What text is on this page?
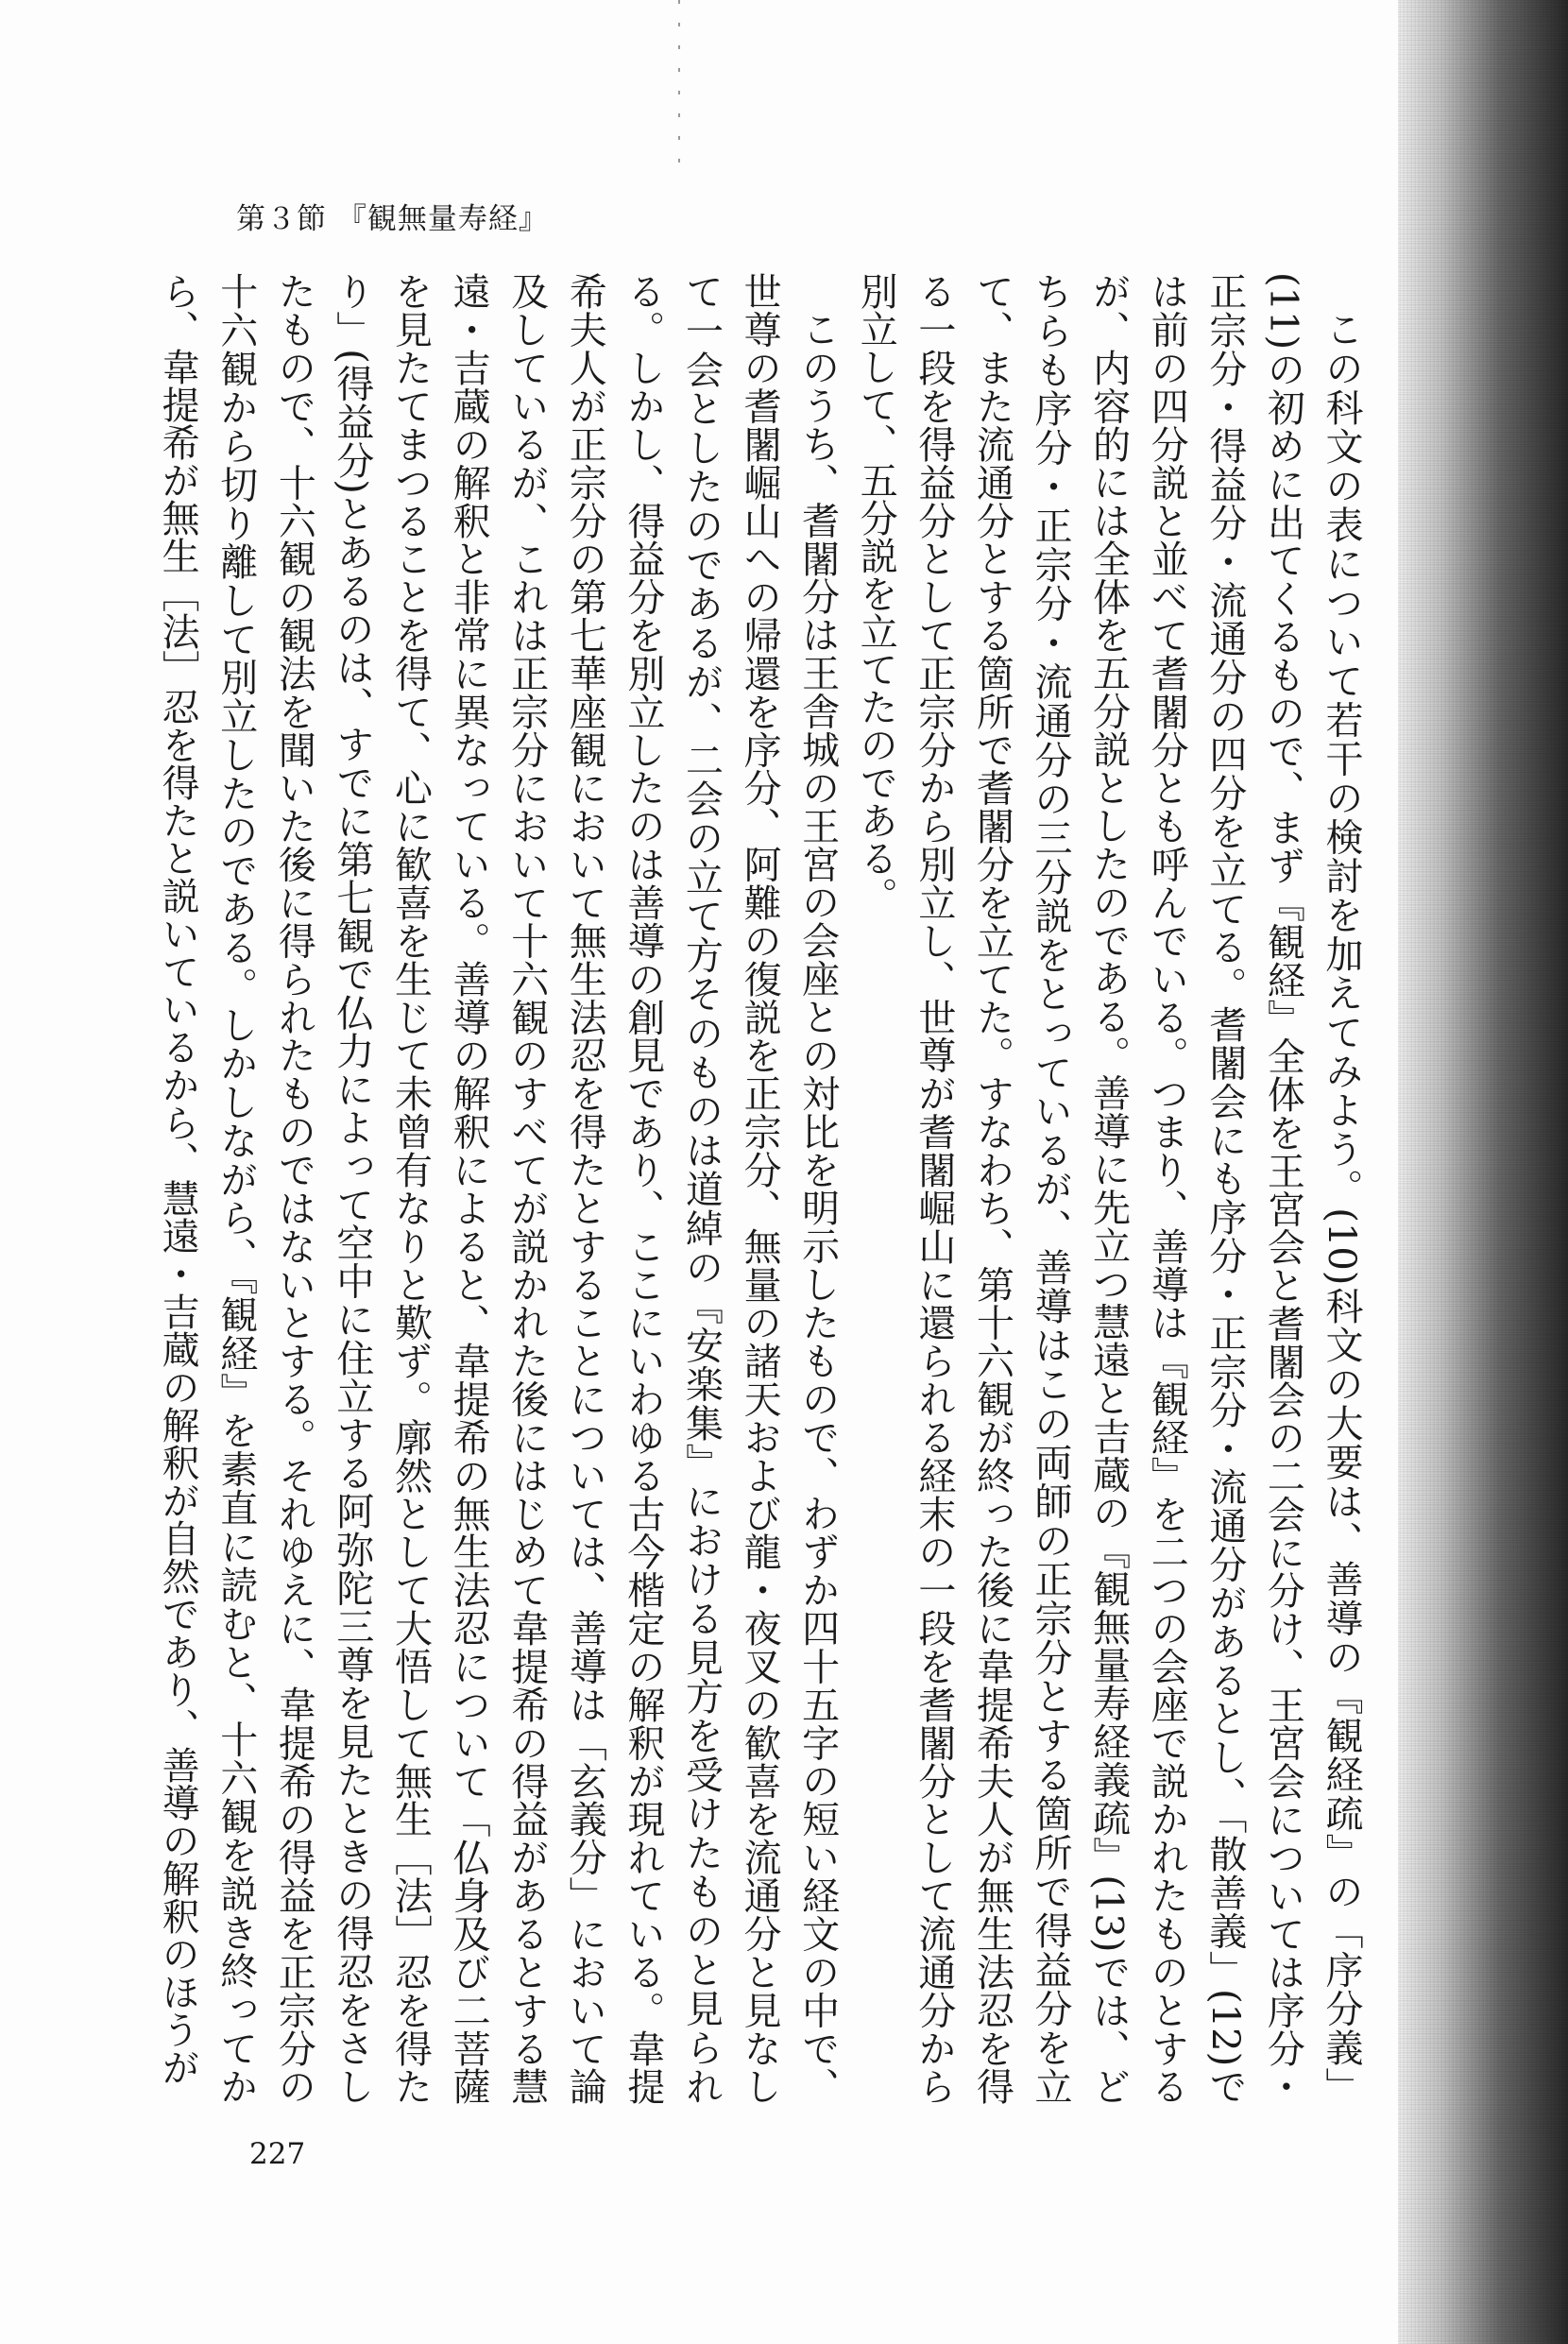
第３節 『観無量寿経』

この科文の表について若干の検討を加えてみよう。(10)科文の大要は、善導の『観経疏』の「序分義」(11)の初めに出てくるもので、まず『観経』全体を王宮会と耆闍会の二会に分け、王宮会については序分・正宗分・得益分・流通分の四分を立てる。耆闍会にも序分・正宗分・流通分があるとし、「散善義」(12)では前の四分説と並べて耆闍分とも呼んでいる。つまり、善導は『観経』を二つの会座で説かれたものとするが、内容的には全体を五分説としたのである。善導に先立つ慧遠と吉蔵の『観無量寿経義疏』(13)では、どちらも序分・正宗分・流通分の三分説をとっているが、善導はこの両師の正宗分とする箇所で得益分を立て、また流通分とする箇所で耆闍分を立てた。すなわち、第十六観が終った後に韋提希夫人が無生法忍を得る一段を得益分として正宗分から別立し、世尊が耆闍崛山に還られる経末の一段を耆闍分として流通分から別立して、五分説を立てたのである。

このうち、耆闍分は王舎城の王宮の会座との対比を明示したもので、わずか四十五字の短い経文の中で、世尊の耆闍崛山への帰還を序分、阿難の復説を正宗分、無量の諸天および龍・夜叉の歓喜を流通分と見なして一会としたのであるが、二会の立て方そのものは道綽の『安楽集』における見方を受けたものと見られる。しかし、得益分を別立したのは善導の創見であり、ここにいわゆる古今楷定の解釈が現れている。韋提希夫人が正宗分の第七華座観において無生法忍を得たとすることについては、善導は「玄義分」において論及しているが、これは正宗分において十六観のすべてが説かれた後にはじめて韋提希の得益があるとする慧遠・吉蔵の解釈と非常に異なっている。善導の解釈によると、韋提希の無生法忍について「仏身及び二菩薩を見たてまつることを得て、心に歓喜を生じて未曾有なりと歎ず。廓然として大悟して無生［法］忍を得たり」(得益分)とあるのは、すでに第七観で仏力によって空中に住立する阿弥陀三尊を見たときの得忍をさしたもので、十六観の観法を聞いた後に得られたものではないとする。それゆえに、韋提希の得益を正宗分の十六観から切り離して別立したのである。しかしながら、『観経』を素直に読むと、十六観を説き終ってから、韋提希が無生［法］忍を得たと説いているから、慧遠・吉蔵の解釈が自然であり、善導の解釈のほうが

227
